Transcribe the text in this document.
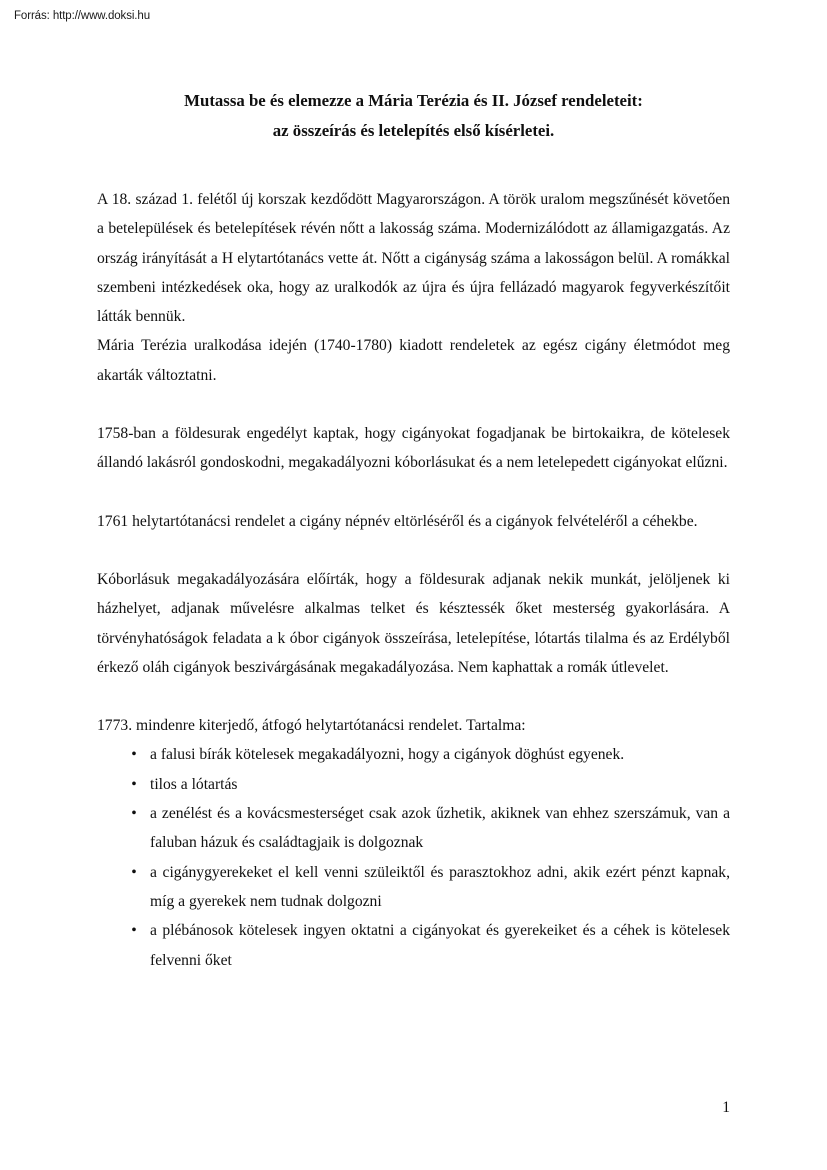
Forrás: http://www.doksi.hu
Mutassa be és elemezze a Mária Terézia és II. József rendeleteit:
az összeírás és letelepítés első kísérletei.

A 18. század 1. felétől új korszak kezdődött Magyarországon. A török uralom megszűnését követően a betelepülések és betelepítések révén nőtt a lakosság száma. Modernizálódott az államigazgatás. Az ország irányítását a H elytartótanács vette át. Nőtt a cigányság száma a lakosságon belül. A romákkal szembeni intézkedések oka, hogy az uralkodók az újra és újra fellázadó magyarok fegyverkészítőit látták bennük.

Mária Terézia uralkodása idején (1740-1780) kiadott rendeletek az egész cigány életmódot meg akarták változtatni.

1758-ban a földesurak engedélyt kaptak, hogy cigányokat fogadjanak be birtokaikra, de kötelesek állandó lakásról gondoskodni, megakadályozni kóborlásukat és a nem letelepedett cigányokat elűzni.

1761 helytartótanácsi rendelet a cigány népnév eltörléséről és a cigányok felvételéről a céhekbe.

Kóborlásuk megakadályozására előírták, hogy a földesurak adjanak nekik munkát, jelöljenek ki házhelyet, adjanak művelésre alkalmas telket és késztessék őket mesterség gyakorlására. A törvényhatóságok feladata a k óbor cigányok összeírása, letelepítése, lótartás tilalma és az Erdélyből érkező oláh cigányok beszivárgásának megakadályozása. Nem kaphattak a romák útlevelet.

1773. mindenre kiterjedő, átfogó helytartótanácsi rendelet. Tartalma:

• a falusi bírák kötelesek megakadályozni, hogy a cigányok döghúst egyenek.
• tilos a lótartás
• a zenélést és a kovácsmesterséget csak azok űzhetik, akiknek van ehhez szerszámuk, van a faluban házuk és családtagjaik is dolgoznak
• a cigánygyerekeket el kell venni szüleiktől és parasztokhoz adni, akik ezért pénzt kapnak, míg a gyerekek nem tudnak dolgozni
• a plébánosok kötelesek ingyen oktatni a cigányokat és gyerekeiket és a céhek is kötelesek felvenni őket
1
